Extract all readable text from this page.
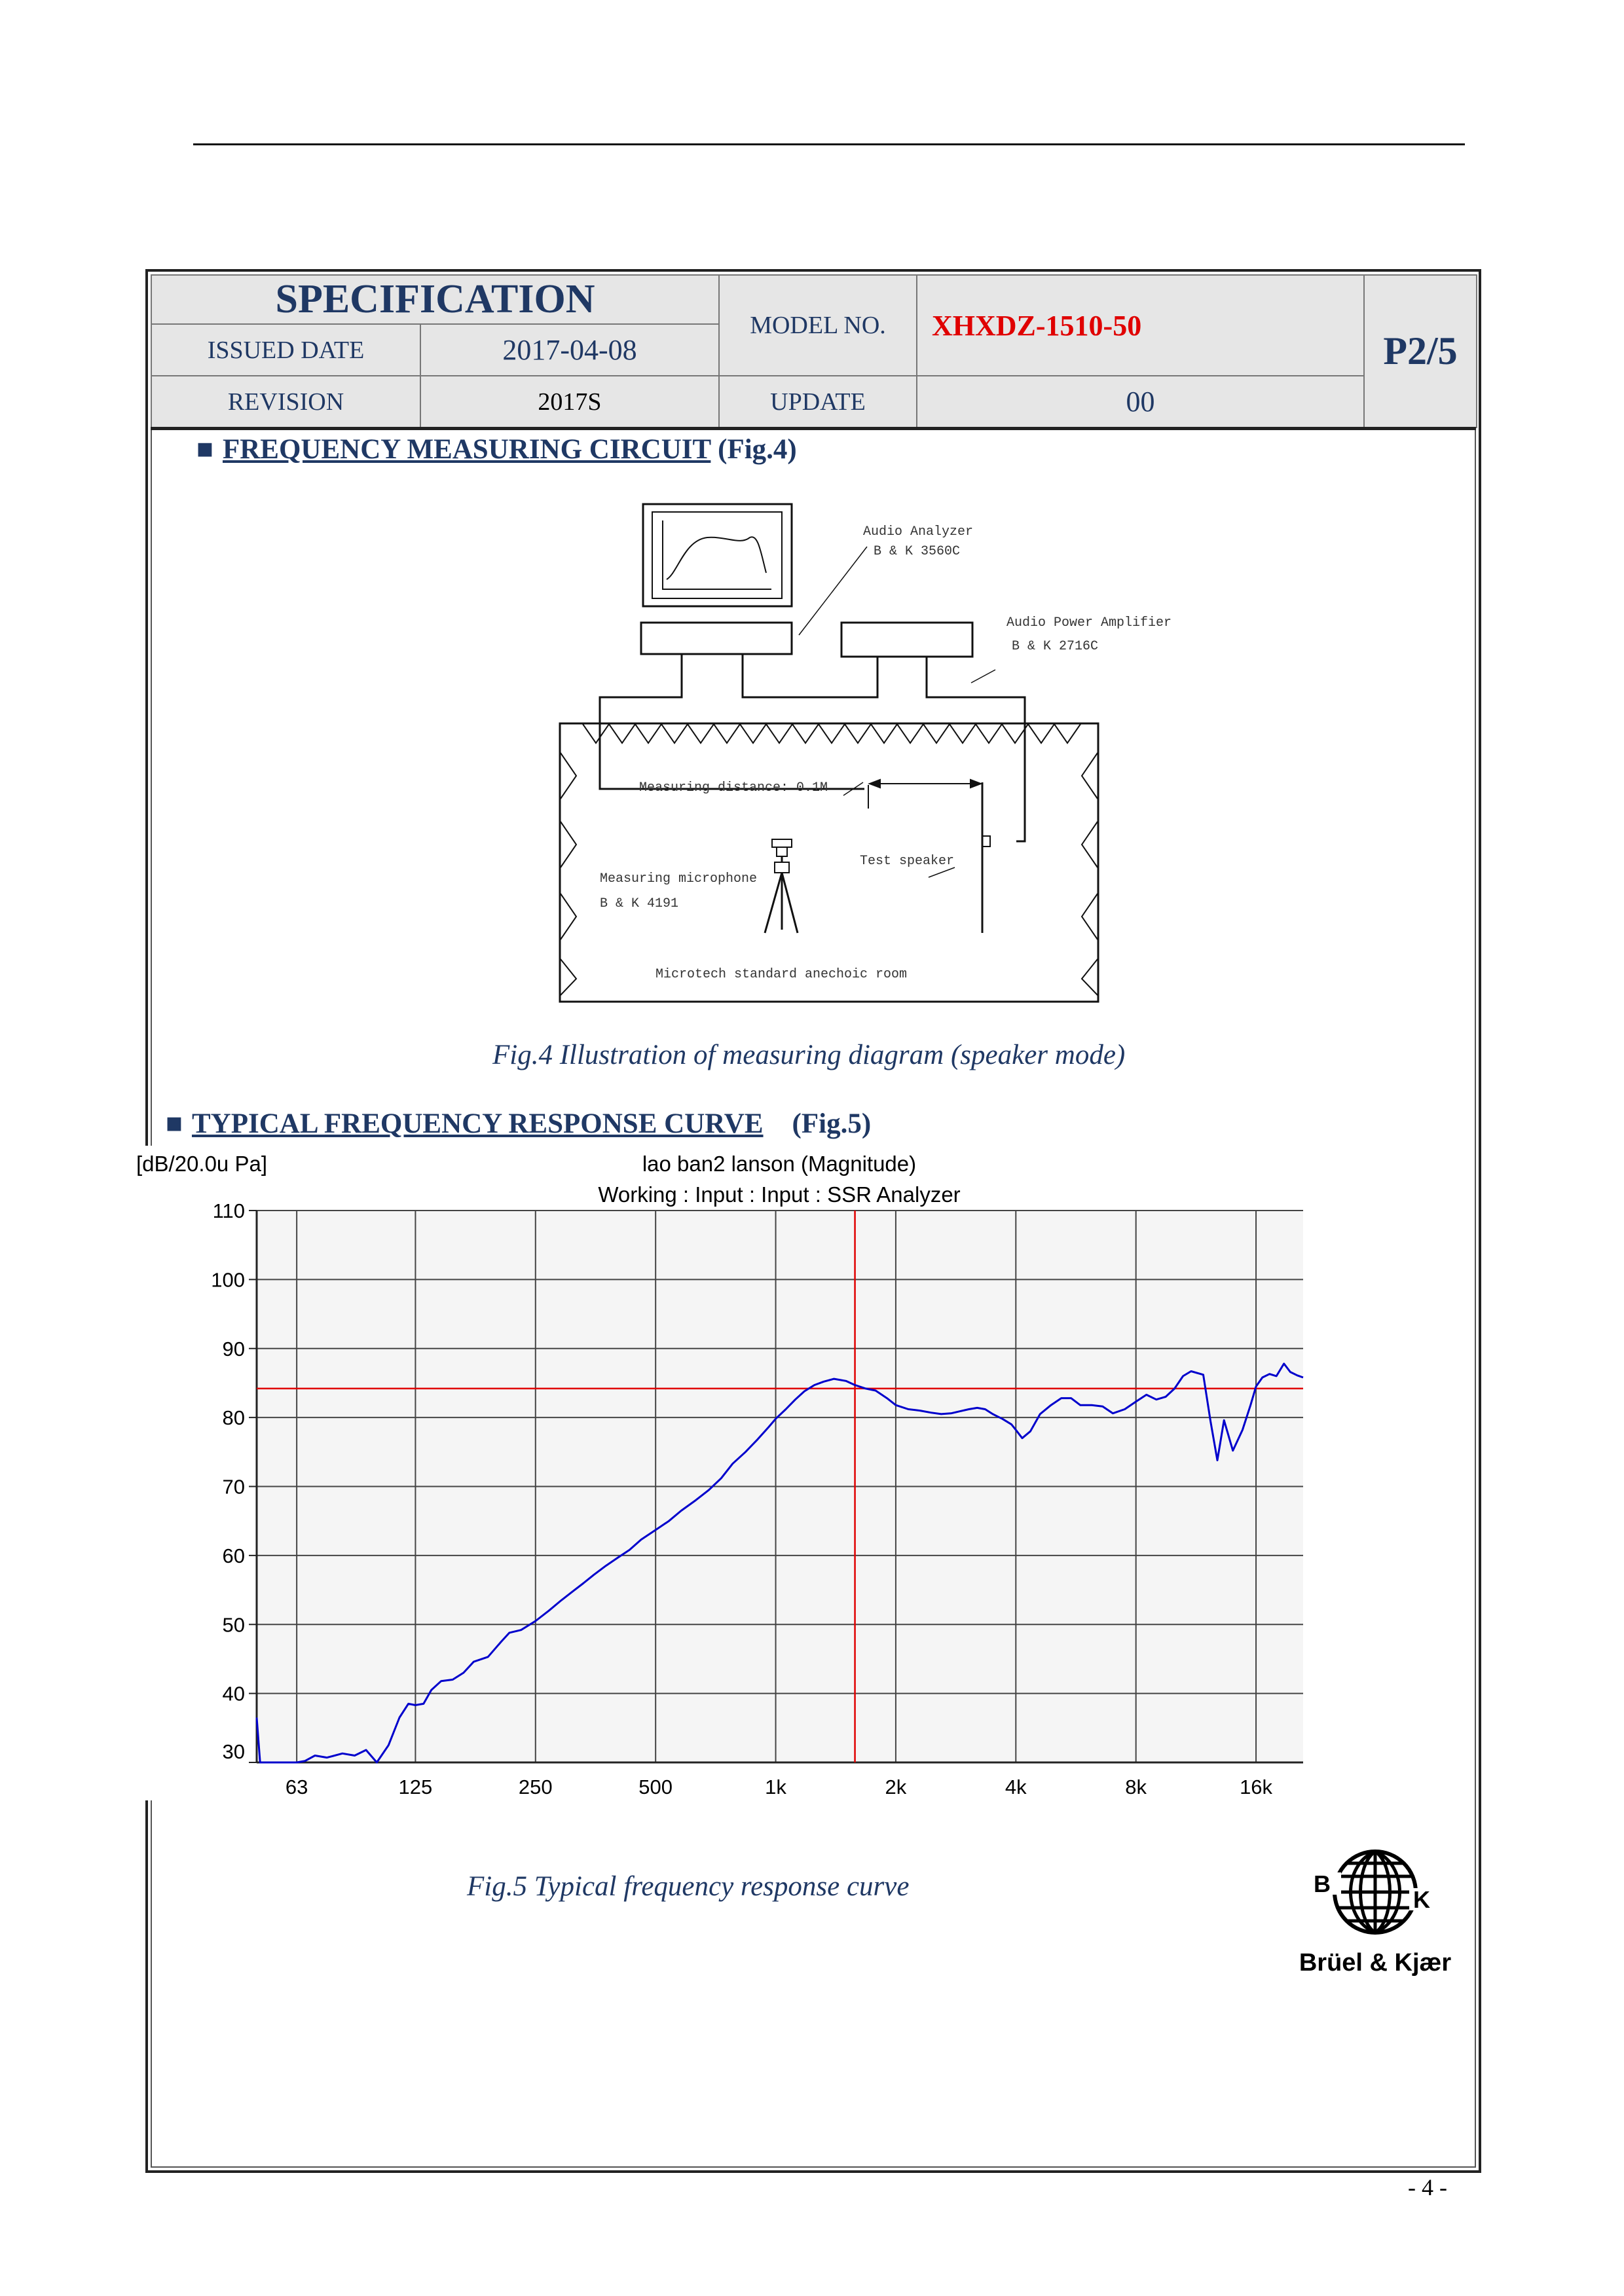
SPECIFICATION		MODEL NO.	XHXDZ-1510-50	P2/5
ISSUED DATE	2017-04-08			
REVISION	2017S	UPDATE	00	
■ FREQUENCY MEASURING CIRCUIT (Fig.4)
Audio Analyzer
B & K 3560C
Audio Power Amplifier
B & K 2716C
Measuring distance: 0.1M
Test speaker
Measuring microphone
B & K 4191
Microtech standard anechoic room
Fig.4 Illustration of measuring diagram (speaker mode)
■ TYPICAL FREQUENCY RESPONSE CURVE (Fig.5)
30
40
50
60
70
80
90
100
110
63	125	250	500	1k	2k	4k	8k	16k
[dB/20.0u Pa]	lao ban2 lanson (Magnitude)
Working : Input : Input : SSR Analyzer
Fig.5 Typical frequency response curve	B
K
Brüel & Kjær
- 4 -
